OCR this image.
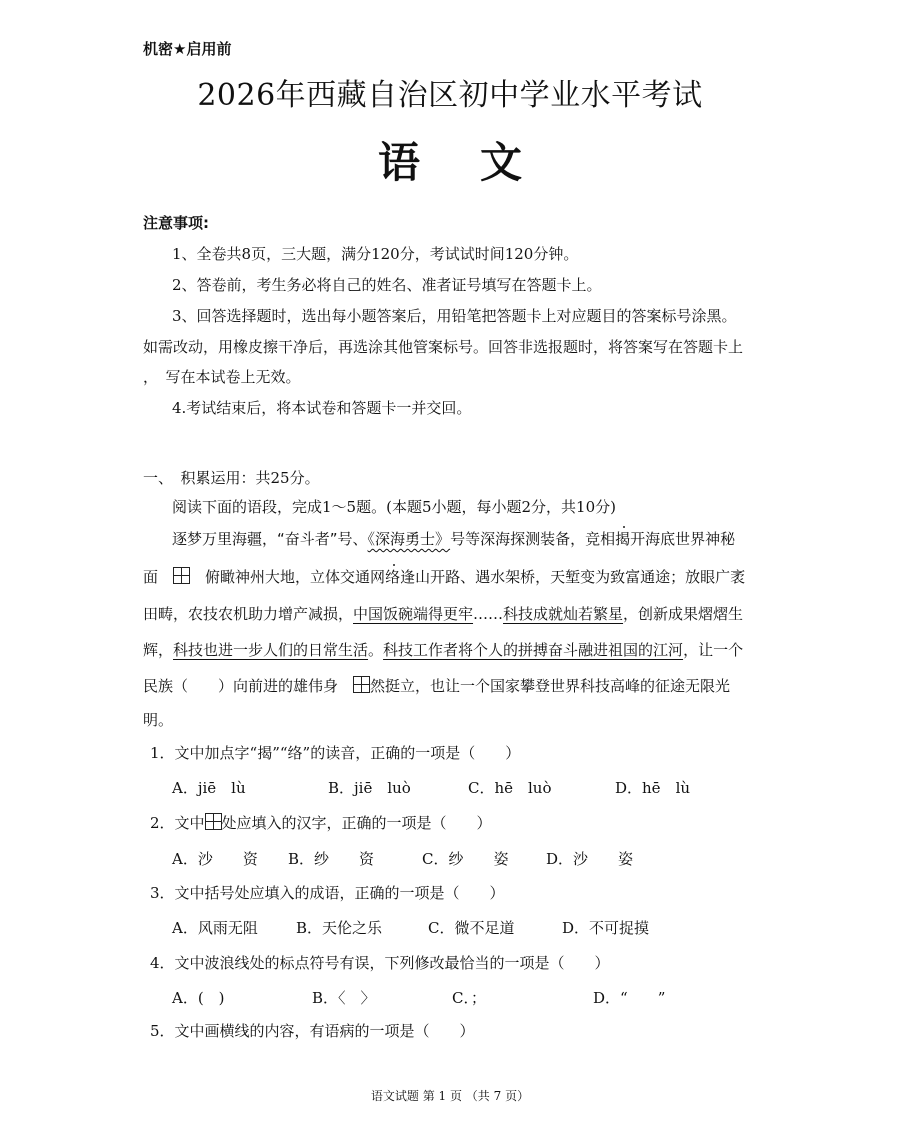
机密★启用前
2026年西藏自治区初中学业水平考试
语文
注意事项:
1、全卷共8页，三大题，满分120分，考试试时间120分钟。
2、答卷前，考生务必将自己的姓名、准者证号填写在答题卡上。
3、回答选择题时，选出每小题答案后，用铅笔把答题卡上对应题目的答案标号涂黑。
如需改动，用橡皮擦干净后，再选涂其他管案标号。回答非选报题时，将答案写在答题卡上
，　写在本试卷上无效。
4.考试结束后，将本试卷和答题卡一并交回。
一、　积累运用：共25分。
阅读下面的语段，完成1～5题。(本题5小题，每小题2分，共10分)
逐梦万里海疆，“奋斗者”号、《深海勇士》号等深海探测装备，竞相揭开海底世界神秘
面　　	俯瞰神州大地，立体交通网络逢山开路、遇水架桥，天堑变为致富通途；放眼广袤
田畴，农技农机助力增产减损，中国饭碗端得更牢……科技成就灿若繁星，创新成果熠熠生
辉，科技也进一步人们的日常生活。科技工作者将个人的拼搏奋斗融进祖国的江河，让一个
民族（　　）向前进的雄伟身　 然挺立，也让一个国家攀登世界科技高峰的征途无限光
明。
1．文中加点字“揭”“络”的读音，正确的一项是（　　）
A．jiē　lù	B．jiē　luò	C．hē　luò	D．hē　lù
2．文中 处应填入的汉字，正确的一项是（　　）
A．沙　　资 B．纱　　资	C．纱　　姿	D．沙　　姿
3．文中括号处应填入的成语，正确的一项是（　　）
A．风雨无阻	B．天伦之乐	C．微不足道	D．不可捉摸
4．文中波浪线处的标点符号有误，下列修改最恰当的一项是（　　）
A．(　)	B．〈　〉	C．；	D．“　　”
5．文中画横线的内容，有语病的一项是（　　）
语文试题 第 1 页 （共 7 页）
